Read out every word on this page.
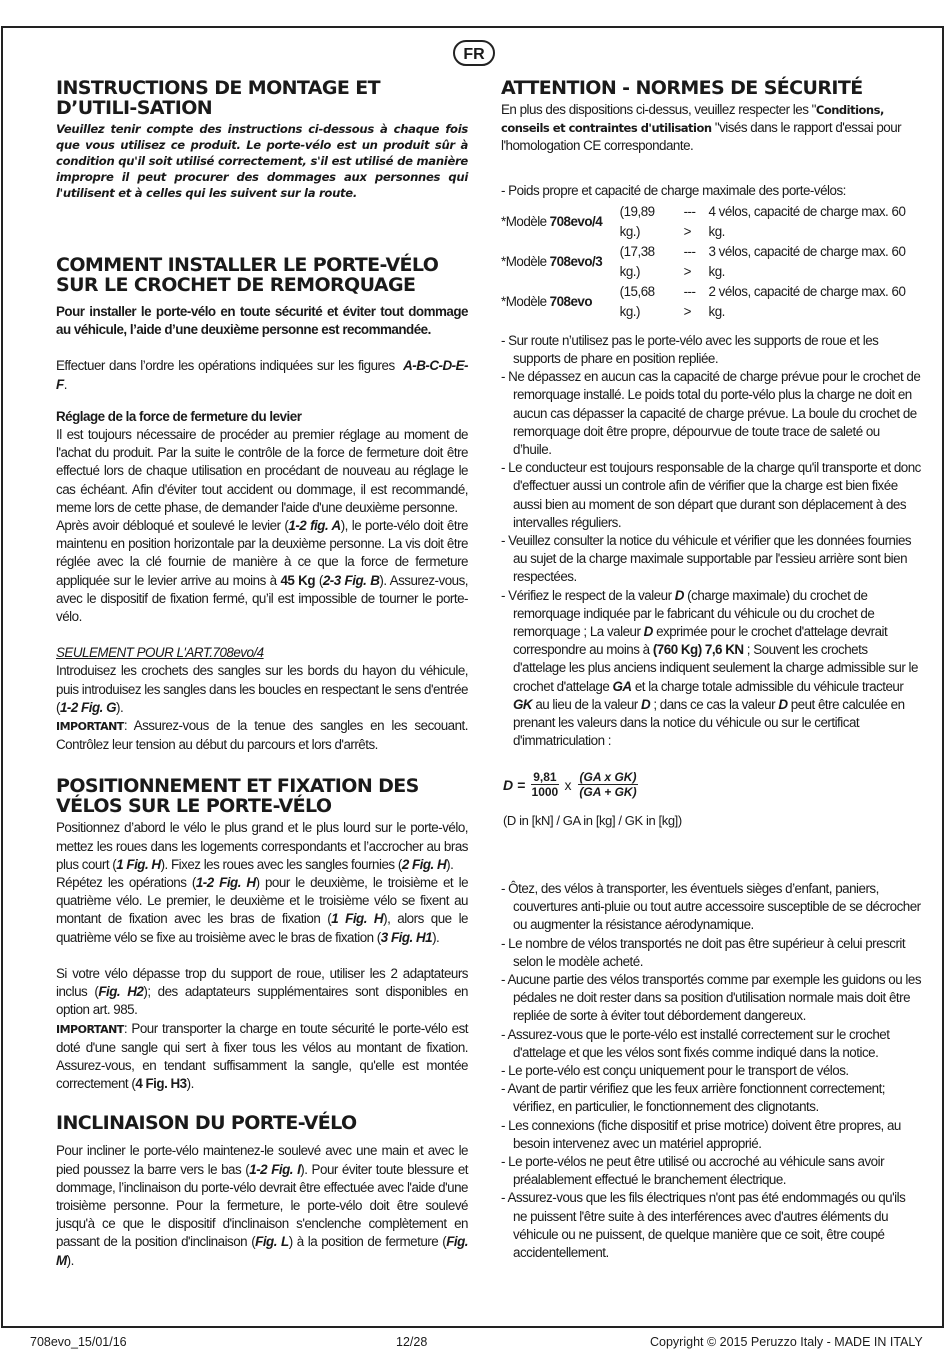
FR
INSTRUCTIONS DE MONTAGE ET D’UTILI-SATION

Veuillez tenir compte des instructions ci-dessous à chaque fois que vous utilisez ce produit. Le porte-vélo est un produit sûr à condition qu'il soit utilisé correctement, s'il est utilisé de manière impropre il peut procurer des dommages aux personnes qui l'utilisent et à celles qui les suivent sur la route.

COMMENT INSTALLER LE PORTE-VÉLO SUR LE CROCHET DE REMORQUAGE

Pour installer le porte-vélo en toute sécurité et éviter tout dommage au véhicule, l’aide d’une deuxième personne est recommandée.

Effectuer dans l’ordre les opérations indiquées sur les figures A-B-C-D-E-F.

Réglage de la force de fermeture du levier

Il est toujours nécessaire de procéder au premier réglage au moment de l'achat du produit. Par la suite le contrôle de la force de fermeture doit être effectué lors de chaque utilisation en procédant de nouveau au réglage le cas échéant. Afin d'éviter tout accident ou dommage, il est recommandé, meme lors de cette phase, de demander l'aide d'une deuxième personne.

Après avoir débloqué et soulevé le levier (1-2 fig. A), le porte-vélo doit être maintenu en position horizontale par la deuxième personne. La vis doit être réglée avec la clé fournie de manière à ce que la force de fermeture appliquée sur le levier arrive au moins à 45 Kg (2-3 Fig. B). Assurez-vous, avec le dispositif de fixation fermé, qu’il est impossible de tourner le porte-vélo.

SEULEMENT POUR L'ART.708evo/4

Introduisez les crochets des sangles sur les bords du hayon du véhicule, puis introduisez les sangles dans les boucles en respectant le sens d'entrée (1-2 Fig. G).

IMPORTANT: Assurez-vous de la tenue des sangles en les secouant. Contrôlez leur tension au début du parcours et lors d'arrêts.

POSITIONNEMENT ET FIXATION DES VÉLOS SUR LE PORTE-VÉLO

Positionnez d’abord le vélo le plus grand et le plus lourd sur le porte-vélo, mettez les roues dans les logements correspondants et l’accrocher au bras plus court (1 Fig. H). Fixez les roues avec les sangles fournies (2 Fig. H).

Répétez les opérations (1-2 Fig. H) pour le deuxième, le troisième et le quatrième vélo. Le premier, le deuxième et le troisième vélo se fixent au montant de fixation avec les bras de fixation (1 Fig. H), alors que le quatrième vélo se fixe au troisième avec le bras de fixation (3 Fig. H1).

Si votre vélo dépasse trop du support de roue, utiliser les 2 adaptateurs inclus (Fig. H2); des adaptateurs supplémentaires sont disponibles en option art. 985.

IMPORTANT: Pour transporter la charge en toute sécurité le porte-vélo est doté d'une sangle qui sert à fixer tous les vélos au montant de fixation. Assurez-vous, en tendant suffisamment la sangle, qu'elle est montée correctement (4 Fig. H3).

INCLINAISON DU PORTE-VÉLO

Pour incliner le porte-vélo maintenez-le soulevé avec une main et avec le pied poussez la barre vers le bas (1-2 Fig. I). Pour éviter toute blessure et dommage, l’inclinaison du porte-vélo devrait être effectuée avec l'aide d'une troisième personne. Pour la fermeture, le porte-vélo doit être soulevé jusqu'à ce que le dispositif d'inclinaison s'enclenche complètement en passant de la position d'inclinaison (Fig. L) à la position de fermeture (Fig. M).

ATTENTION - NORMES DE SÉCURITÉ

En plus des dispositions ci-dessus, veuillez respecter les "Conditions, conseils et contraintes d'utilisation "visés dans le rapport d'essai pour l'homologation CE correspondante.

- Poids propre et capacité de charge maximale des porte-vélos:

*Modèle	708evo/4	(19,89 kg.)	--->	4 vélos, capacité de charge max. 60 kg.
*Modèle	708evo/3	(17,38 kg.)	--->	3 vélos, capacité de charge max. 60 kg.
*Modèle	708evo	(15,68 kg.)	--->	2 vélos, capacité de charge max. 60 kg.
- Sur route n’utilisez pas le porte-vélo avec les supports de roue et les supports de phare en position repliée.
- Ne dépassez en aucun cas la capacité de charge prévue pour le crochet de remorquage installé. Le poids total du porte-vélo plus la charge ne doit en aucun cas dépasser la capacité de charge prévue. La boule du crochet de remorquage doit être propre, dépourvue de toute trace de saleté ou d’huile.
- Le conducteur est toujours responsable de la charge qu'il transporte et donc d'effectuer aussi un controle afin de vérifier que la charge est bien fixée aussi bien au moment de son départ que durant son déplacement à des intervalles réguliers.
- Veuillez consulter la notice du véhicule et vérifier que les données fournies au sujet de la charge maximale supportable par l'essieu arrière sont bien respectées.
- Vérifiez le respect de la valeur D (charge maximale) du crochet de remorquage indiquée par le fabricant du véhicule ou du crochet de remorquage ; La valeur D exprimée pour le crochet d'attelage devrait correspondre au moins à (760 Kg) 7,6 KN ; Souvent les crochets d'attelage les plus anciens indiquent seulement la charge admissible sur le crochet d'attelage GA et la charge totale admissible du véhicule tracteur GK au lieu de la valeur D ; dans ce cas la valeur D peut être calculée en prenant les valeurs dans la notice du véhicule ou sur le certificat d'immatriculation :
$D = \frac{9,81}{1000}$ x $\frac{\text{(GA x GK)}}{(GA + GK)}$
(D in [kN] / GA in [kg] / GK in [kg])
- Ôtez, des vélos à transporter, les éventuels sièges d’enfant, paniers, couvertures anti-pluie ou tout autre accessoire susceptible de se décrocher ou augmenter la résistance aérodynamique.
- Le nombre de vélos transportés ne doit pas être supérieur à celui prescrit selon le modèle acheté.
- Aucune partie des vélos transportés comme par exemple les guidons ou les pédales ne doit rester dans sa position d'utilisation normale mais doit être repliée de sorte à éviter tout débordement dangereux.
- Assurez-vous que le porte-vélo est installé correctement sur le crochet d'attelage et que les vélos sont fixés comme indiqué dans la notice.
- Le porte-vélo est conçu uniquement pour le transport de vélos.
- Avant de partir vérifiez que les feux arrière fonctionnent correctement; vérifiez, en particulier, le fonctionnement des clignotants.
- Les connexions (fiche dispositif et prise motrice) doivent être propres, au besoin intervenez avec un matériel approprié.
- Le porte-vélos ne peut être utilisé ou accroché au véhicule sans avoir préalablement effectué le branchement électrique.
- Assurez-vous que les fils électriques n'ont pas été endommagés ou qu'ils ne puissent l'être suite à des interférences avec d'autres éléments du véhicule ou ne puissent, de quelque manière que ce soit, être coupé accidentellement.
708evo_15/01/16	12/28	Copyright © 2015 Peruzzo Italy - MADE IN ITALY
